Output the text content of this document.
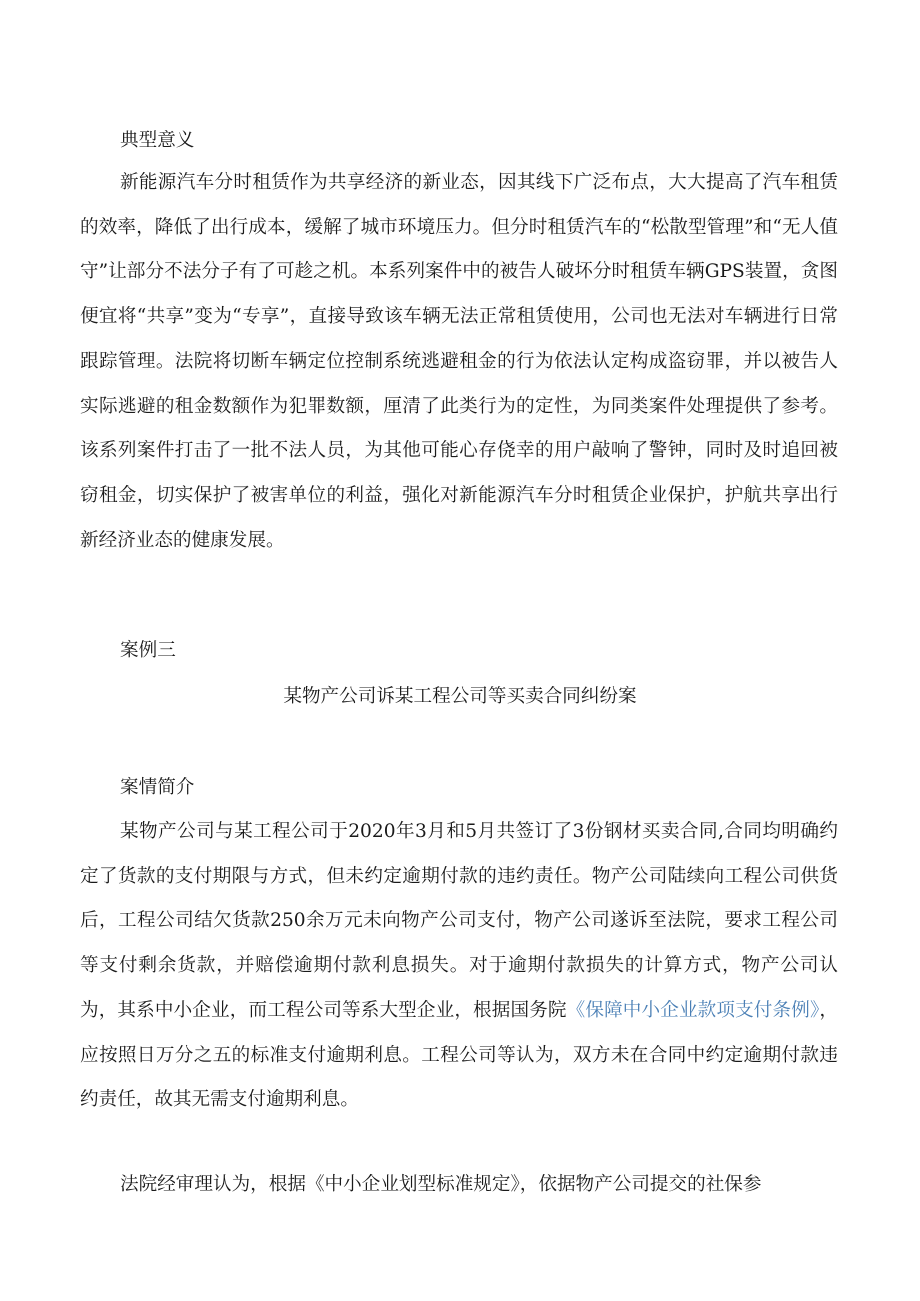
典型意义

新能源汽车分时租赁作为共享经济的新业态，因其线下广泛布点，大大提高了汽车租赁的效率，降低了出行成本，缓解了城市环境压力。但分时租赁汽车的“松散型管理”和“无人值守”让部分不法分子有了可趁之机。本系列案件中的被告人破坏分时租赁车辆GPS装置，贪图便宜将“共享”变为“专享”，直接导致该车辆无法正常租赁使用，公司也无法对车辆进行日常跟踪管理。法院将切断车辆定位控制系统逃避租金的行为依法认定构成盗窃罪，并以被告人实际逃避的租金数额作为犯罪数额，厘清了此类行为的定性，为同类案件处理提供了参考。该系列案件打击了一批不法人员，为其他可能心存侥幸的用户敲响了警钟，同时及时追回被窃租金，切实保护了被害单位的利益，强化对新能源汽车分时租赁企业保护，护航共享出行新经济业态的健康发展。

案例三

某物产公司诉某工程公司等买卖合同纠纷案

案情简介

某物产公司与某工程公司于2020年3月和5月共签订了3份钢材买卖合同,合同均明确约定了货款的支付期限与方式，但未约定逾期付款的违约责任。物产公司陆续向工程公司供货后，工程公司结欠货款250余万元未向物产公司支付，物产公司遂诉至法院，要求工程公司等支付剩余货款，并赔偿逾期付款利息损失。对于逾期付款损失的计算方式，物产公司认为，其系中小企业，而工程公司等系大型企业，根据国务院《保障中小企业款项支付条例》，应按照日万分之五的标准支付逾期利息。工程公司等认为，双方未在合同中约定逾期付款违约责任，故其无需支付逾期利息。

法院经审理认为，根据《中小企业划型标准规定》，依据物产公司提交的社保参
